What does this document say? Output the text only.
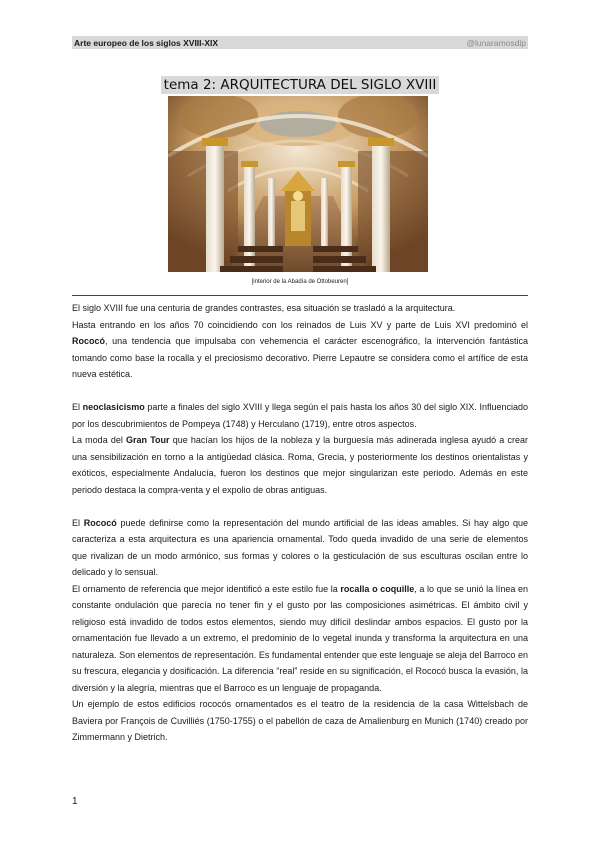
Arte europeo de los siglos XVIII-XIX	@lunaramosdip
tema 2: ARQUITECTURA DEL SIGLO XVIII
[interior de la Abadía de Ottobeuren]

El siglo XVIII fue una centuria de grandes contrastes, esa situación se trasladó a la arquitectura.

Hasta entrando en los años 70 coincidiendo con los reinados de Luis XV y parte de Luis XVI predominó el Rococó, una tendencia que impulsaba con vehemencia el carácter escenográfico, la intervención fantástica tomando como base la rocalla y el preciosismo decorativo. Pierre Lepautre se considera como el artífice de esta nueva estética.

El neoclasicismo parte a finales del siglo XVIII y llega según el país hasta los años 30 del siglo XIX. Influenciado por los descubrimientos de Pompeya (1748) y Herculano (1719), entre otros aspectos.

La moda del Gran Tour que hacían los hijos de la nobleza y la burguesía más adinerada inglesa ayudó a crear una sensibilización en torno a la antigüedad clásica. Roma, Grecia, y posteriormente los destinos orientalistas y exóticos, especialmente Andalucía, fueron los destinos que mejor singularizan este periodo. Además en este periodo destaca la compra-venta y el expolio de obras antiguas.

El Rococó puede definirse como la representación del mundo artificial de las ideas amables. Si hay algo que caracteriza a esta arquitectura es una apariencia ornamental. Todo queda invadido de una serie de elementos que rivalizan de un modo armónico, sus formas y colores o la gesticulación de sus esculturas oscilan entre lo delicado y lo sensual.

El ornamento de referencia que mejor identificó a este estilo fue la rocalla o coquille, a lo que se unió la línea en constante ondulación que parecía no tener fin y el gusto por las composiciones asimétricas. El ámbito civil y religioso está invadido de todos estos elementos, siendo muy difícil deslindar ambos espacios. El gusto por la ornamentación fue llevado a un extremo, el predominio de lo vegetal inunda y transforma la arquitectura en una naturaleza. Son elementos de representación. Es fundamental entender que este lenguaje se aleja del Barroco en su frescura, elegancia y dosificación. La diferencia “real” reside en su significación, el Rococó busca la evasión, la diversión y la alegría, mientras que el Barroco es un lenguaje de propaganda.

Un ejemplo de estos edificios rococós ornamentados es el teatro de la residencia de la casa Wittelsbach de Baviera por François de Cuvilliés (1750-1755) o el pabellón de caza de Amalienburg en Munich (1740) creado por Zimmermann y Dietrich.

1
